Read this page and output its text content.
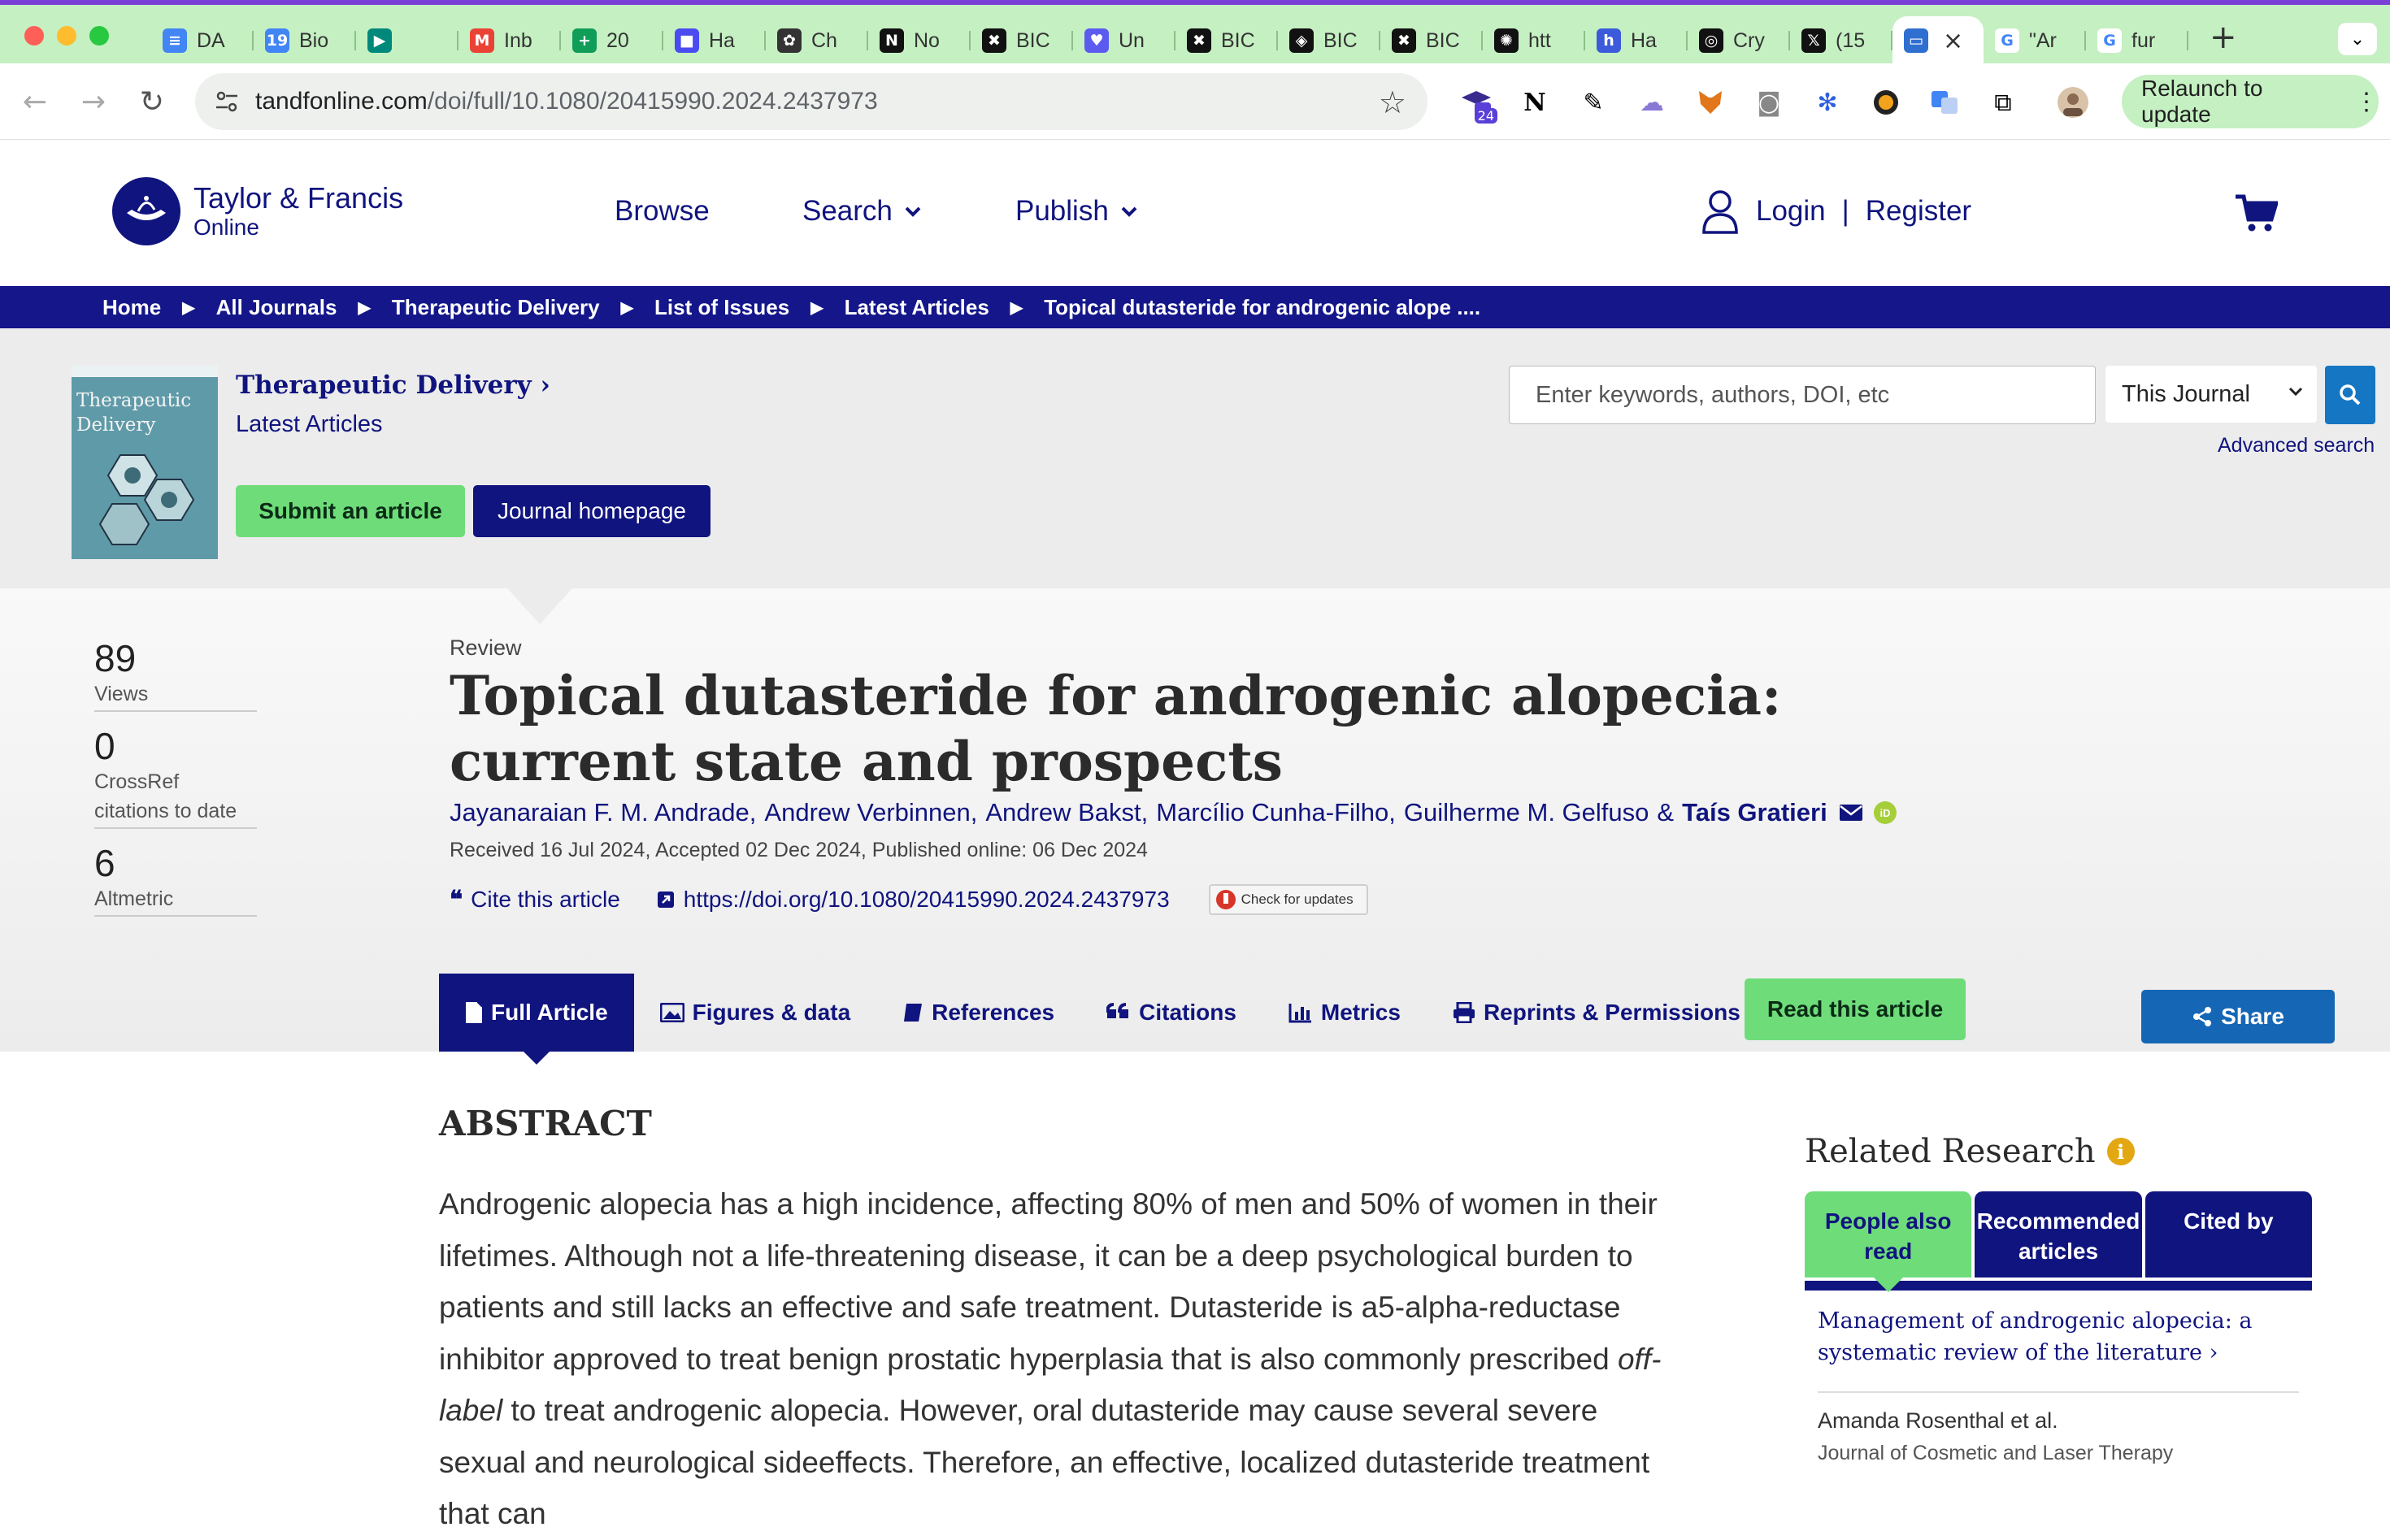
≡ DA	19 Bio	▶	M Inb	+ 20	■ Ha	✿ Ch	N No	✖ BIC	♥ Un	✖ BIC	◈ BIC	✖ BIC	✺ htt	h Ha	◎ Cry	𝕏 (15	▭ ×	G "Ar	G fur	+	⌄
← → ↻	tandfonline.com/doi/full/10.1080/20415990.2024.2437973	☆	24	N	✎	☁	◙	✻	⧉	Relaunch to update	⋮
Taylor & Francis
Online
Browse	Search	Publish	Login | Register
Home ▶ All Journals ▶ Therapeutic Delivery ▶ List of Issues ▶ Latest Articles ▶ Topical dutasteride for androgenic alope ....
Therapeutic Delivery
Therapeutic Delivery ›
Latest Articles
Submit an article	Journal homepage
Enter keywords, authors, DOI, etc	This Journal
Advanced search
89
Views
0
CrossRef citations to date
6
Altmetric
Review
Topical dutasteride for androgenic alopecia: current state and prospects
Jayanaraian F. M. Andrade , Andrew Verbinnen , Andrew Bakst , Marcílio Cunha-Filho , Guilherme M. Gelfuso & Taís Gratieri	iD
Received 16 Jul 2024, Accepted 02 Dec 2024, Published online: 06 Dec 2024
❝ Cite this article	https://doi.org/10.1080/20415990.2024.2437973	Check for updates
Full Article	Figures & data	References	Citations	Metrics	Reprints & Permissions	Read this article	Share
ABSTRACT

Androgenic alopecia has a high incidence, affecting 80% of men and 50% of women in their lifetimes. Although not a life-threatening disease, it can be a deep psychological burden to patients and still lacks an effective and safe treatment. Dutasteride is a5-alpha-reductase inhibitor approved to treat benign prostatic hyperplasia that is also commonly prescribed off-label to treat androgenic alopecia. However, oral dutasteride may cause several severe sexual and neurological sideeffects. Therefore, an effective, localized dutasteride treatment that can

Related Research	i
People also read
Recommended articles
Cited by
Management of androgenic alopecia: a systematic review of the literature ›
Amanda Rosenthal et al.
Journal of Cosmetic and Laser Therapy
